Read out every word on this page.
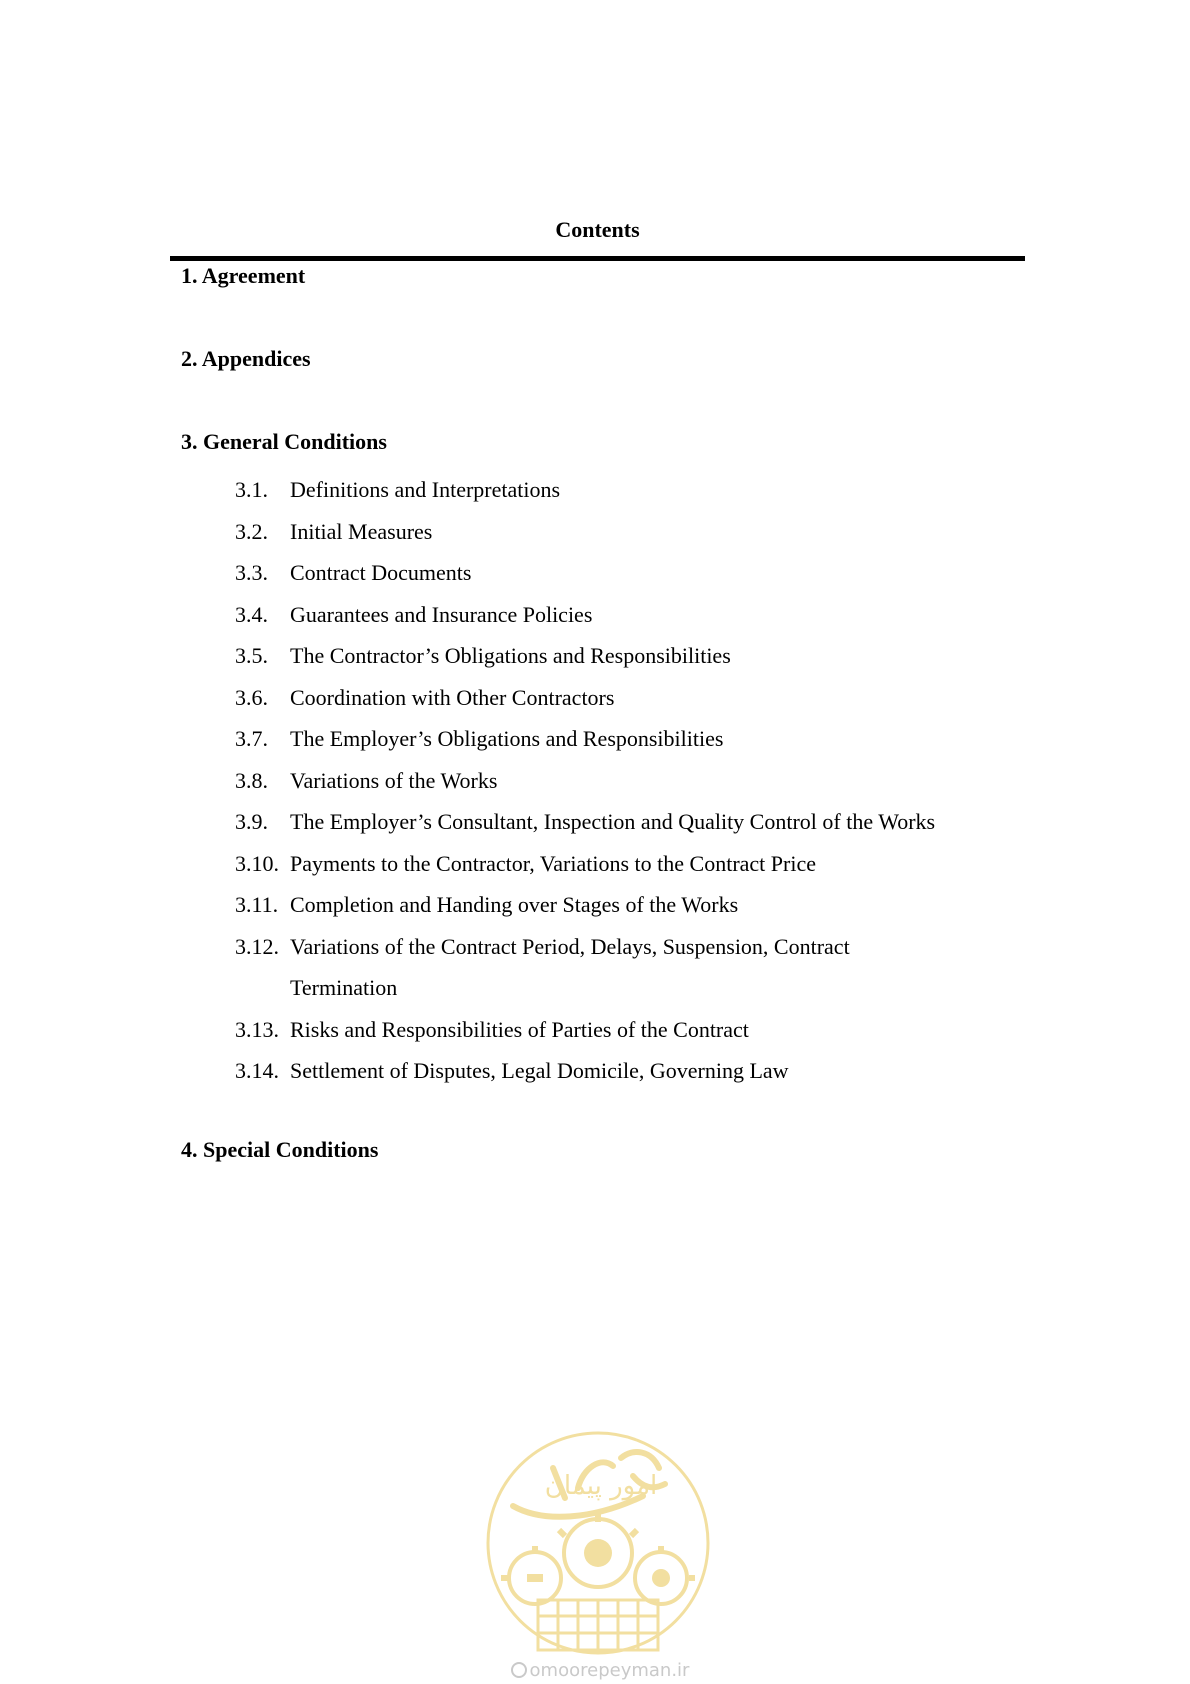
Contents
1. Agreement
2. Appendices
3. General Conditions
3.1.	Definitions and Interpretations
3.2.	Initial Measures
3.3.	Contract Documents
3.4.	Guarantees and Insurance Policies
3.5.	The Contractor’s Obligations and Responsibilities
3.6.	Coordination with Other Contractors
3.7.	The Employer’s Obligations and Responsibilities
3.8.	Variations of the Works
3.9.	The Employer’s Consultant, Inspection and Quality Control of the Works
3.10. Payments to the Contractor, Variations to the Contract Price
3.11. Completion and Handing over Stages of the Works
3.12. Variations of the Contract Period, Delays, Suspension, Contract Termination
3.13. Risks and Responsibilities of Parties of the Contract
3.14. Settlement of Disputes, Legal Domicile, Governing Law
4. Special Conditions
امور پیمان
omoorepeyman.ir
